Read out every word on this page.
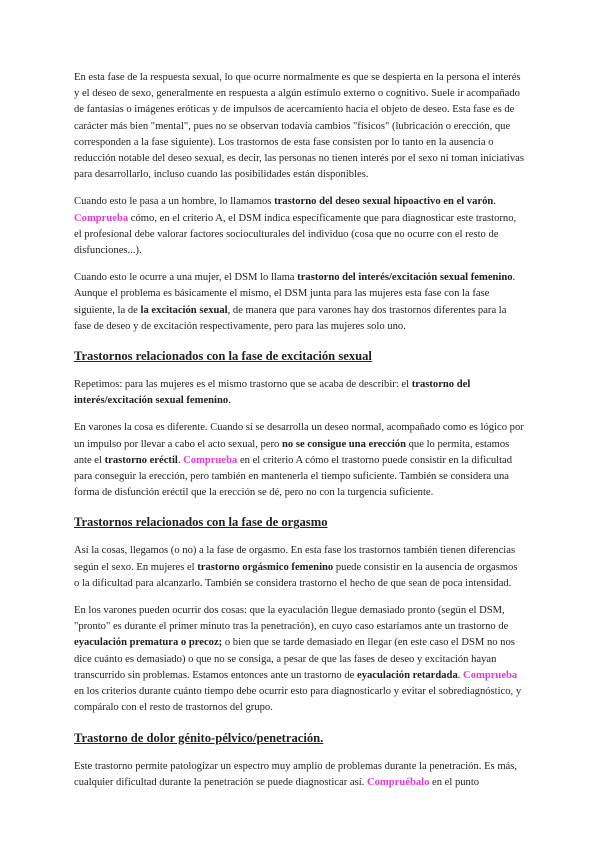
En esta fase de la respuesta sexual, lo que ocurre normalmente es que se despierta en la persona el interés y el deseo de sexo, generalmente en respuesta a algún estímulo externo o cognitivo. Suele ir acompañado de fantasías o imágenes eróticas y de impulsos de acercamiento hacia el objeto de deseo. Esta fase es de carácter más bien "mental", pues no se observan todavía cambios "físicos" (lubricación o erección, que corresponden a la fase siguiente). Los trastornos de esta fase consisten por lo tanto en la ausencia o reducción notable del deseo sexual, es decir, las personas no tienen interés por el sexo ni toman iniciativas para desarrollarlo, incluso cuando las posibilidades están disponibles.

Cuando esto le pasa a un hombre, lo llamamos trastorno del deseo sexual hipoactivo en el varón. Comprueba cómo, en el criterio A, el DSM indica específicamente que para diagnosticar este trastorno, el profesional debe valorar factores socioculturales del individuo (cosa que no ocurre con el resto de disfunciones...).

Cuando esto le ocurre a una mujer, el DSM lo llama trastorno del interés/excitación sexual femenino. Aunque el problema es básicamente el mismo, el DSM junta para las mujeres esta fase con la fase siguiente, la de la excitación sexual, de manera que para varones hay dos trastornos diferentes para la fase de deseo y de excitación respectivamente, pero para las mujeres solo uno.

Trastornos relacionados con la fase de excitación sexual

Repetimos: para las mujeres es el mismo trastorno que se acaba de describir: el trastorno del interés/excitación sexual femenino.

En varones la cosa es diferente. Cuando sí se desarrolla un deseo normal, acompañado como es lógico por un impulso por llevar a cabo el acto sexual, pero no se consigue una erección que lo permita, estamos ante el trastorno eréctil. Comprueba en el criterio A cómo el trastorno puede consistir en la dificultad para conseguir la erección, pero también en mantenerla el tiempo suficiente. También se considera una forma de disfunción eréctil que la erección se dé, pero no con la turgencia suficiente.

Trastornos relacionados con la fase de orgasmo

Así la cosas, llegamos (o no) a la fase de orgasmo. En esta fase los trastornos también tienen diferencias según el sexo. En mujeres el trastorno orgásmico femenino puede consistir en la ausencia de orgasmos o la dificultad para alcanzarlo. También se considera trastorno el hecho de que sean de poca intensidad.

En los varones pueden ocurrir dos cosas: que la eyaculación llegue demasiado pronto (según el DSM, "pronto" es durante el primer minuto tras la penetración), en cuyo caso estaríamos ante un trastorno de eyaculación prematura o precoz; o bien que se tarde demasiado en llegar (en este caso el DSM no nos dice cuánto es demasiado) o que no se consiga, a pesar de que las fases de deseo y excitación hayan transcurrido sin problemas. Estamos entonces ante un trastorno de eyaculación retardada. Comprueba en los criterios durante cuánto tiempo debe ocurrir esto para diagnosticarlo y evitar el sobrediagnóstico, y compáralo con el resto de trastornos del grupo.

Trastorno de dolor génito-pélvico/penetración.

Este trastorno permite patologizar un espectro muy amplio de problemas durante la penetración. Es más, cualquier dificultad durante la penetración se puede diagnosticar así. Compruébalo en el punto
